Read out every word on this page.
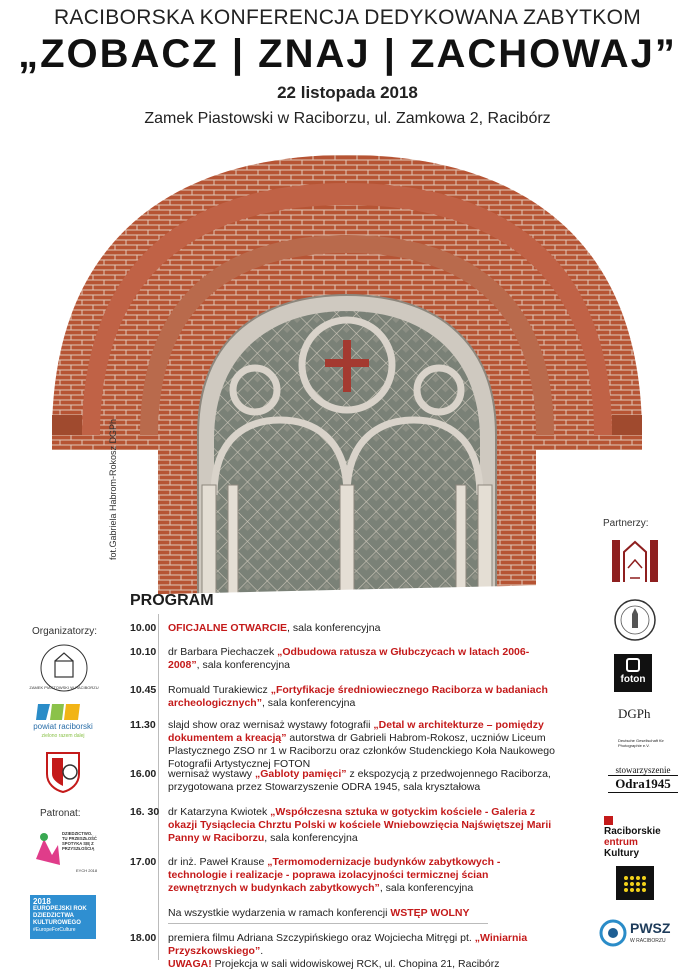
RACIBORSKA KONFERENCJA DEDYKOWANA ZABYTKOM
„ZOBACZ | ZNAJ | ZACHOWAJ”
22 listopada 2018
Zamek Piastowski w Raciborzu, ul. Zamkowa 2, Racibórz
fot.Gabriela Habrom-Rokosz DGPh
PROGRAM
10.00	OFICJALNE OTWARCIE, sala konferencyjna
10.10	dr Barbara Piechaczek „Odbudowa ratusza w Głubczycach w latach 2006-2008”, sala konferencyjna
10.45	Romuald Turakiewicz „Fortyfikacje średniowiecznego Raciborza w badaniach archeologicznych”, sala konferencyjna
11.30	slajd show oraz wernisaż wystawy fotografii „Detal w architekturze – pomiędzy dokumentem a kreacją” autorstwa dr Gabrieli Habrom-Rokosz, uczniów Liceum Plastycznego ZSO nr 1 w Raciborzu oraz członków Studenckiego Koła Naukowego Fotografii Artystycznej FOTON
16.00	wernisaż wystawy „Gabloty pamięci” z ekspozycją z przedwojennego Raciborza, przygotowana przez Stowarzyszenie ODRA 1945, sala kryształowa
16. 30 dr Katarzyna Kwiotek „Współczesna sztuka w gotyckim kościele - Galeria z okazji Tysiąclecia Chrztu Polski w kościele Wniebowzięcia Najświętszej Marii Panny w Raciborzu, sala konferencyjna
17.00	dr inż. Paweł Krause „Termomodernizacje budynków zabytkowych - technologie i realizacje - poprawa izolacyjności termicznej ścian zewnętrznych w budynkach zabytkowych”, sala konferencyjna
Na wszystkie wydarzenia w ramach konferencji WSTĘP WOLNY
18.00	premiera filmu Adriana Szczypińskiego oraz Wojciecha Mitręgi pt. „Winiarnia Przyszkowskiego”.
UWAGA! Projekcja w sali widowiskowej RCK, ul. Chopina 21, Racibórz
Organizatorzy:
ZAMEK PIASTOWSKI W RACIBORZU
powiat raciborski
zielono razem dalej
Patronat:
DZIEDZICTWO. TU PRZESZŁOŚĆ SPOTYKA SIĘ Z PRZYSZŁOŚCIĄ
EYCH 2018
2018
EUROPEJSKI ROK DZIEDZICTWA KULTUROWEGO
#EuropeForCulture
Partnerzy:
foton
DGPh
Deutsche Gesellschaft für Photographie e.V.
stowarzyszenie
Odra1945
Raciborskie
entrum
Kultury
PWSZ
W RACIBORZU
